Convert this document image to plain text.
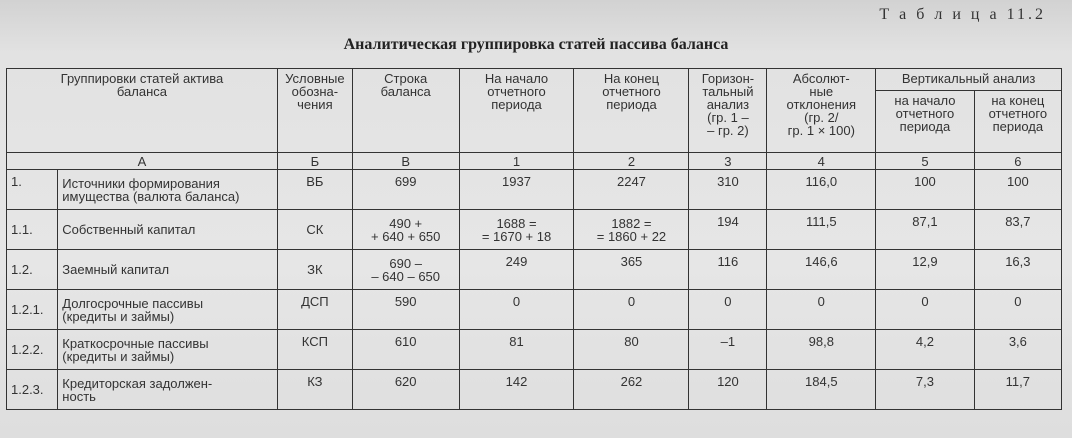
Т а б л и ц а 11.2
Аналитическая группировка статей пассива баланса
Группировки статей актива
баланса		Условные
обозна-
чения	Строка
баланса	На начало
отчетного
периода	На конец
отчетного
периода	Горизон-
тальный
анализ
(гр. 1 –
– гр. 2)	Абсолют-
ные
отклонения
(гр. 2/
гр. 1 × 100)	Вертикальный анализ	
								на начало
отчетного
периода	на конец
отчетного
периода
А		Б	В	1	2	3	4	5	6
1.	Источники формирования
имущества (валюта баланса)	ВБ	699	1937	2247	310	116,0	100	100
1.1.	Собственный капитал	СК	490 +
+ 640 + 650	1688 =
= 1670 + 18	1882 =
= 1860 + 22	194	111,5	87,1	83,7
1.2.	Заемный капитал	ЗК	690 –
– 640 – 650	249	365	116	146,6	12,9	16,3
1.2.1.	Долгосрочные пассивы
(кредиты и займы)	ДСП	590	0	0	0	0	0	0
1.2.2.	Краткосрочные пассивы
(кредиты и займы)	КСП	610	81	80	–1	98,8	4,2	3,6
1.2.3.	Кредиторская задолжен-
ность	КЗ	620	142	262	120	184,5	7,3	11,7
